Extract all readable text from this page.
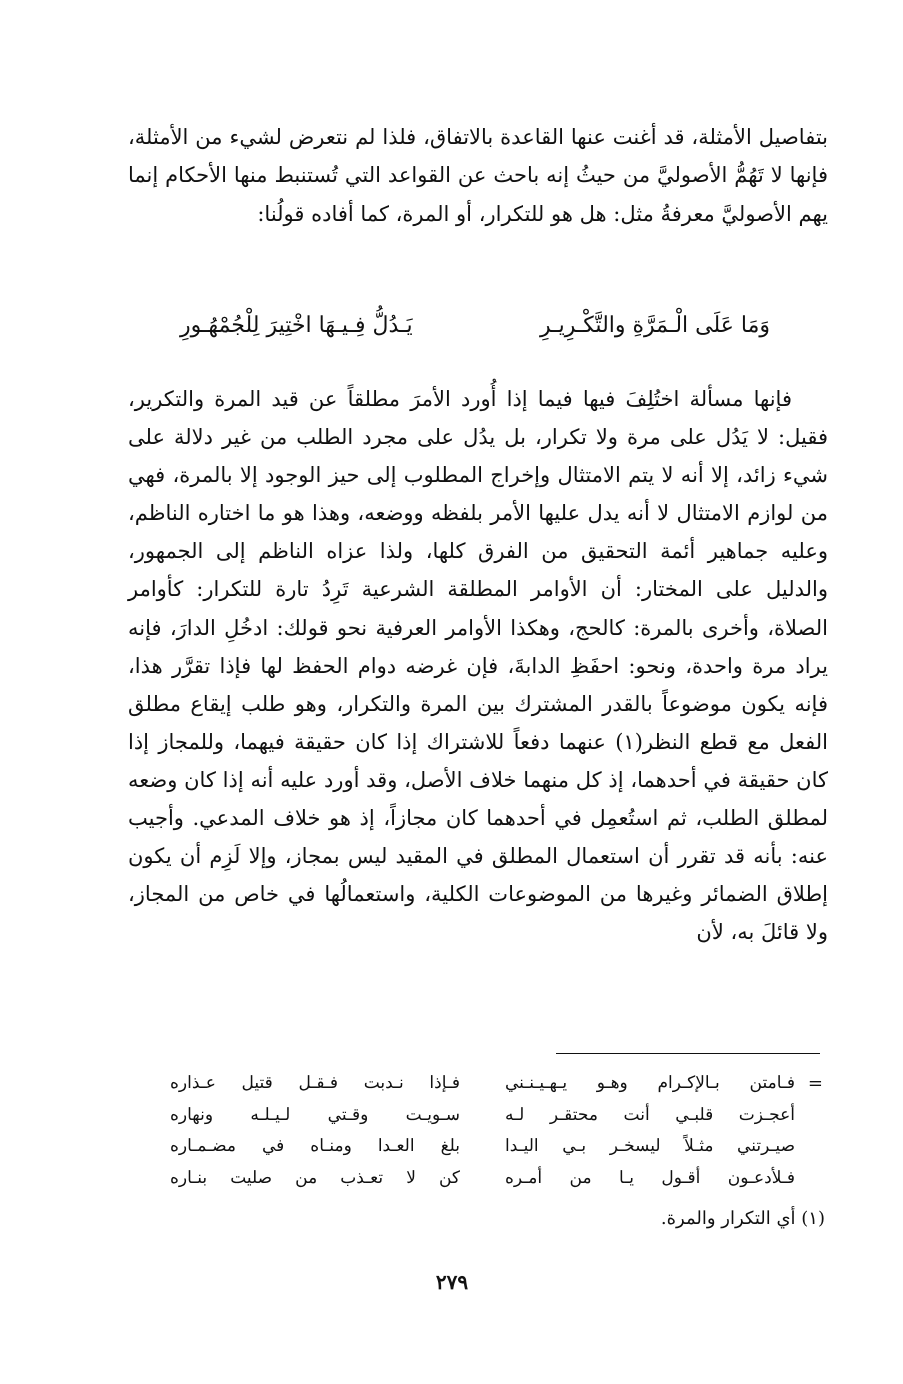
بتفاصيل الأمثلة، قد أغنت عنها القاعدة بالاتفاق، فلذا لم نتعرض لشيء من الأمثلة، فإنها لا تَهُمُّ الأصوليَّ من حيثُ إنه باحث عن القواعد التي تُستنبط منها الأحكام إنما يهم الأصوليَّ معرفةُ مثل: هل هو للتكرار، أو المرة، كما أفاده قولُنا:

وَمَا عَلَى الْـمَرَّةِ والتَّكْـرِيـرِ
يَـدُلُّ فِـيـهَا اخْتِيرَ لِلْجُمْهُـورِ
فإنها مسألة اختُلِفَ فيها فيما إذا أُورد الأمرَ مطلقاً عن قيد المرة والتكرير، فقيل: لا يَدُل على مرة ولا تكرار، بل يدُل على مجرد الطلب من غير دلالة على شيء زائد، إلا أنه لا يتم الامتثال وإخراج المطلوب إلى حيز الوجود إلا بالمرة، فهي من لوازم الامتثال لا أنه يدل عليها الأمر بلفظه ووضعه، وهذا هو ما اختاره الناظم، وعليه جماهير أئمة التحقيق من الفرق كلها، ولذا عزاه الناظم إلى الجمهور، والدليل على المختار: أن الأوامر المطلقة الشرعية تَرِدُ تارة للتكرار: كأوامر الصلاة، وأخرى بالمرة: كالحج، وهكذا الأوامر العرفية نحو قولك: ادخُلِ الدارَ، فإنه يراد مرة واحدة، ونحو: احفَظِ الدابةَ، فإن غرضه دوام الحفظ لها فإذا تقرَّر هذا، فإنه يكون موضوعاً بالقدر المشترك بين المرة والتكرار، وهو طلب إيقاع مطلق الفعل مع قطع النظر(١) عنهما دفعاً للاشتراك إذا كان حقيقة فيهما، وللمجاز إذا كان حقيقة في أحدهما، إذ كل منهما خلاف الأصل، وقد أورد عليه أنه إذا كان وضعه لمطلق الطلب، ثم استُعمِل في أحدهما كان مجازاً، إذ هو خلاف المدعي. وأجيب عنه: بأنه قد تقرر أن استعمال المطلق في المقيد ليس بمجاز، وإلا لَزِم أن يكون إطلاق الضمائر وغيرها من الموضوعات الكلية، واستعمالُها في خاص من المجاز، ولا قائلَ به، لأن
=
فـامتن بـالإكـرام وهـو يـهـيـنـني
فـإذا نـدبت فـقـل قتيل عـذاره
أعجـزت قلبـي أنت محتقـر لـه
سـويـت وقـتي لـيـلـه ونهاره
صيـرتني مثـلاً ليسخـر بـي اليـدا
بلغ العـدا ومنـاه في مضـمـاره
فـلأدعـون أقـول يـا من أمـره
كن لا تعـذب من صليت بنـاره
(١) أي التكرار والمرة.
٢٧٩
